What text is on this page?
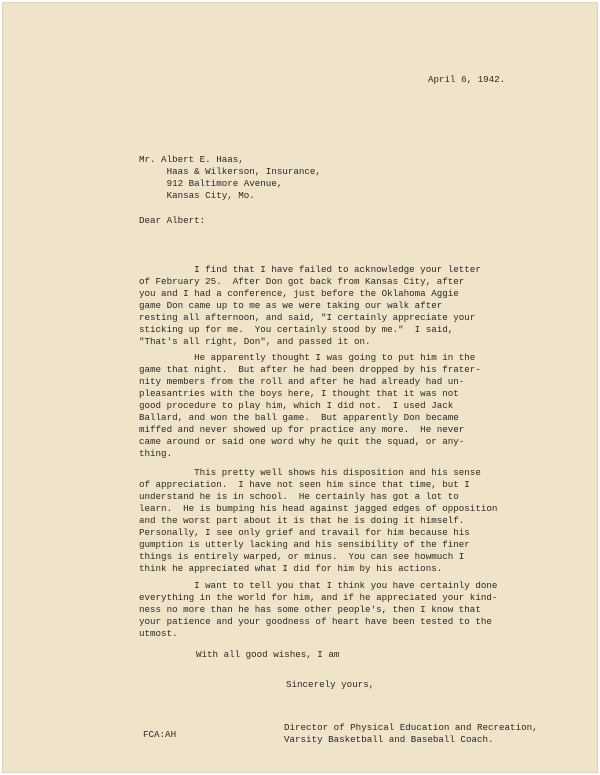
April 6, 1942.
Mr. Albert E. Haas,
Haas & Wilkerson, Insurance,
912 Baltimore Avenue,
Kansas City, Mo.
Dear Albert:
I find that I have failed to acknowledge your letter
of February 25.  After Don got back from Kansas City, after
you and I had a conference, just before the Oklahoma Aggie
game Don came up to me as we were taking our walk after
resting all afternoon, and said, "I certainly appreciate your
sticking up for me.  You certainly stood by me."  I said,
"That's all right, Don", and passed it on.
He apparently thought I was going to put him in the
game that night.  But after he had been dropped by his frater-
nity members from the roll and after he had already had un-
pleasantries with the boys here, I thought that it was not
good procedure to play him, which I did not.  I used Jack
Ballard, and won the ball game.  But apparently Don became
miffed and never showed up for practice any more.  He never
came around or said one word why he quit the squad, or any-
thing.
This pretty well shows his disposition and his sense
of appreciation.  I have not seen him since that time, but I
understand he is in school.  He certainly has got a lot to
learn.  He is bumping his head against jagged edges of opposition
and the worst part about it is that he is doing it himself.
Personally, I see only grief and travail for him because his
gumption is utterly lacking and his sensibility of the finer
things is entirely warped, or minus.  You can see howmuch I
think he appreciated what I did for him by his actions.
I want to tell you that I think you have certainly done
everything in the world for him, and if he appreciated your kind-
ness no more than he has some other people's, then I know that
your patience and your goodness of heart have been tested to the
utmost.
With all good wishes, I am
Sincerely yours,
FCA:AH
Director of Physical Education and Recreation,
Varsity Basketball and Baseball Coach.
